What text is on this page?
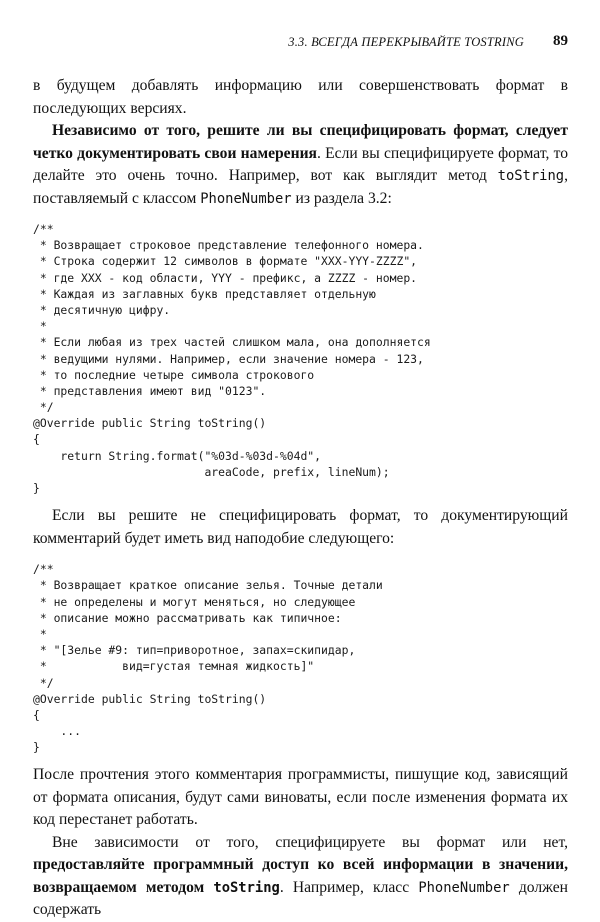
3.3. ВСЕГДА ПЕРЕКРЫВАЙТЕ TOSTRING 89

в будущем добавлять информацию или совершенствовать формат в последующих версиях.

Независимо от того, решите ли вы специфицировать формат, следует четко документировать свои намерения. Если вы специфицируете формат, то делайте это очень точно. Например, вот как выглядит метод toString, поставляемый с классом PhoneNumber из раздела 3.2:

/**
* Возвращает строковое представление телефонного номера.
* Строка содержит 12 символов в формате "XXX-YYY-ZZZZ",
* где XXX - код области, YYY - префикс, а ZZZZ - номер.
* Каждая из заглавных букв представляет отдельную
* десятичную цифру.
*
* Если любая из трех частей слишком мала, она дополняется
* ведущими нулями. Например, если значение номера - 123,
* то последние четыре символа строкового
* представления имеют вид "0123".
*/
@Override public String toString()
{
return String.format("%03d-%03d-%04d",
areaCode, prefix, lineNum);
}

Если вы решите не специфицировать формат, то документирующий комментарий будет иметь вид наподобие следующего:

/**
* Возвращает краткое описание зелья. Точные детали
* не определены и могут меняться, но следующее
* описание можно рассматривать как типичное:
*
* "[Зелье #9: тип=приворотное, запах=скипидар,
*           вид=густая темная жидкость]"
*/
@Override public String toString()
{
...
}

После прочтения этого комментария программисты, пишущие код, зависящий от формата описания, будут сами виноваты, если после изменения формата их код перестанет работать.

Вне зависимости от того, специфицируете вы формат или нет, предоставляйте программный доступ ко всей информации в значении, возвращаемом методом toString. Например, класс PhoneNumber должен содержать
